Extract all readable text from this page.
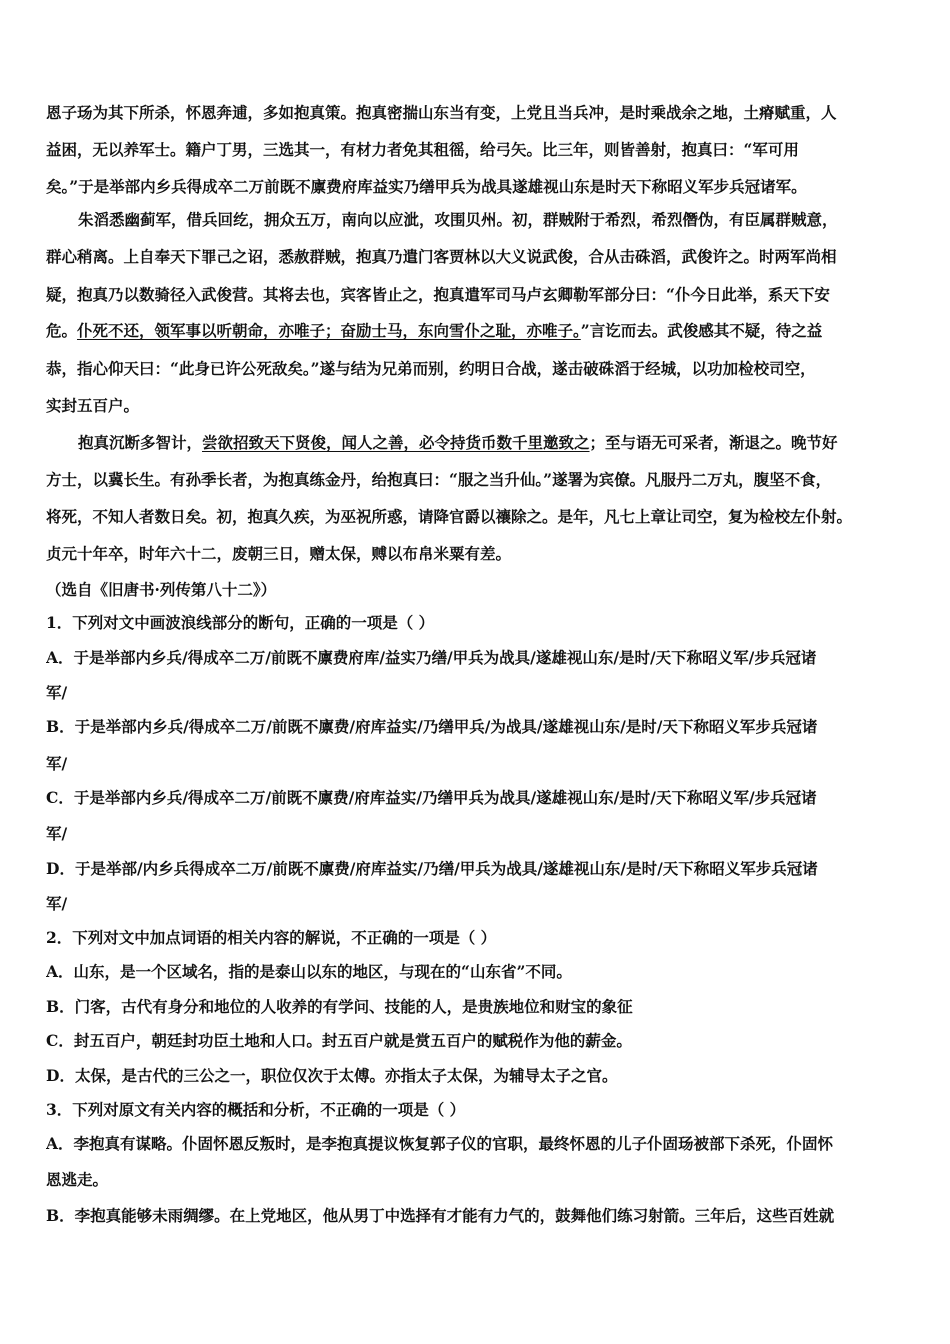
恩子玚为其下所杀，怀恩奔逋，多如抱真策。抱真密揣山东当有变，上党且当兵冲，是时乘战余之地，土瘠赋重，人
益困，无以养军士。籍户丁男，三选其一，有材力者免其租徭，给弓矢。比三年，则皆善射，抱真曰：“军可用
矣。”于是举部内乡兵得成卒二万前既不廪费府库益实乃缮甲兵为战具遂雄视山东是时天下称昭义军步兵冠诸军。
朱滔悉幽蓟军，借兵回纥，拥众五万，南向以应泚，攻围贝州。初，群贼附于希烈，希烈僭伪，有臣属群贼意，
群心稍离。上自奉天下罪己之诏，悉赦群贼，抱真乃遣门客贾林以大义说武俊，合从击硃滔，武俊许之。时两军尚相
疑，抱真乃以数骑径入武俊营。其将去也，宾客皆止之，抱真遣军司马卢玄卿勒军部分曰：“仆今日此举，系天下安
危。仆死不还，领军事以听朝命，亦唯子；奋励士马，东向雪仆之耻，亦唯子。”言讫而去。武俊感其不疑，待之益
恭，指心仰天曰：“此身已许公死敌矣。”遂与结为兄弟而别，约明日合战，遂击破硃滔于经城，以功加检校司空，
实封五百户。
抱真沉断多智计，尝欲招致天下贤俊，闻人之善，必令持货币数千里邀致之；至与语无可采者，渐退之。晚节好
方士，以冀长生。有孙季长者，为抱真练金丹，绐抱真曰：“服之当升仙。”遂署为宾僚。凡服丹二万丸，腹坚不食，
将死，不知人者数日矣。初，抱真久疾，为巫祝所惑，请降官爵以禳除之。是年，凡七上章让司空，复为检校左仆射。
贞元十年卒，时年六十二，废朝三日，赠太保，赙以布帛米粟有差。
（选自《旧唐书·列传第八十二》）
1．下列对文中画波浪线部分的断句，正确的一项是（ ）
A．于是举部内乡兵/得成卒二万/前既不廪费府库/益实乃缮/甲兵为战具/遂雄视山东/是时/天下称昭义军/步兵冠诸
军/
B．于是举部内乡兵/得成卒二万/前既不廪费/府库益实/乃缮甲兵/为战具/遂雄视山东/是时/天下称昭义军步兵冠诸
军/
C．于是举部内乡兵/得成卒二万/前既不廪费/府库益实/乃缮甲兵为战具/遂雄视山东/是时/天下称昭义军/步兵冠诸
军/
D．于是举部/内乡兵得成卒二万/前既不廪费/府库益实/乃缮/甲兵为战具/遂雄视山东/是时/天下称昭义军步兵冠诸
军/
2．下列对文中加点词语的相关内容的解说，不正确的一项是（ ）
A．山东，是一个区域名，指的是泰山以东的地区，与现在的“山东省”不同。
B．门客，古代有身分和地位的人收养的有学问、技能的人，是贵族地位和财宝的象征
C．封五百户，朝廷封功臣土地和人口。封五百户就是赏五百户的赋税作为他的薪金。
D．太保，是古代的三公之一，职位仅次于太傅。亦指太子太保，为辅导太子之官。
3．下列对原文有关内容的概括和分析，不正确的一项是（ ）
A．李抱真有谋略。仆固怀恩反叛时，是李抱真提议恢复郭子仪的官职，最终怀恩的儿子仆固玚被部下杀死，仆固怀
恩逃走。
B．李抱真能够未雨绸缪。在上党地区，他从男丁中选择有才能有力气的，鼓舞他们练习射箭。三年后，这些百姓就
